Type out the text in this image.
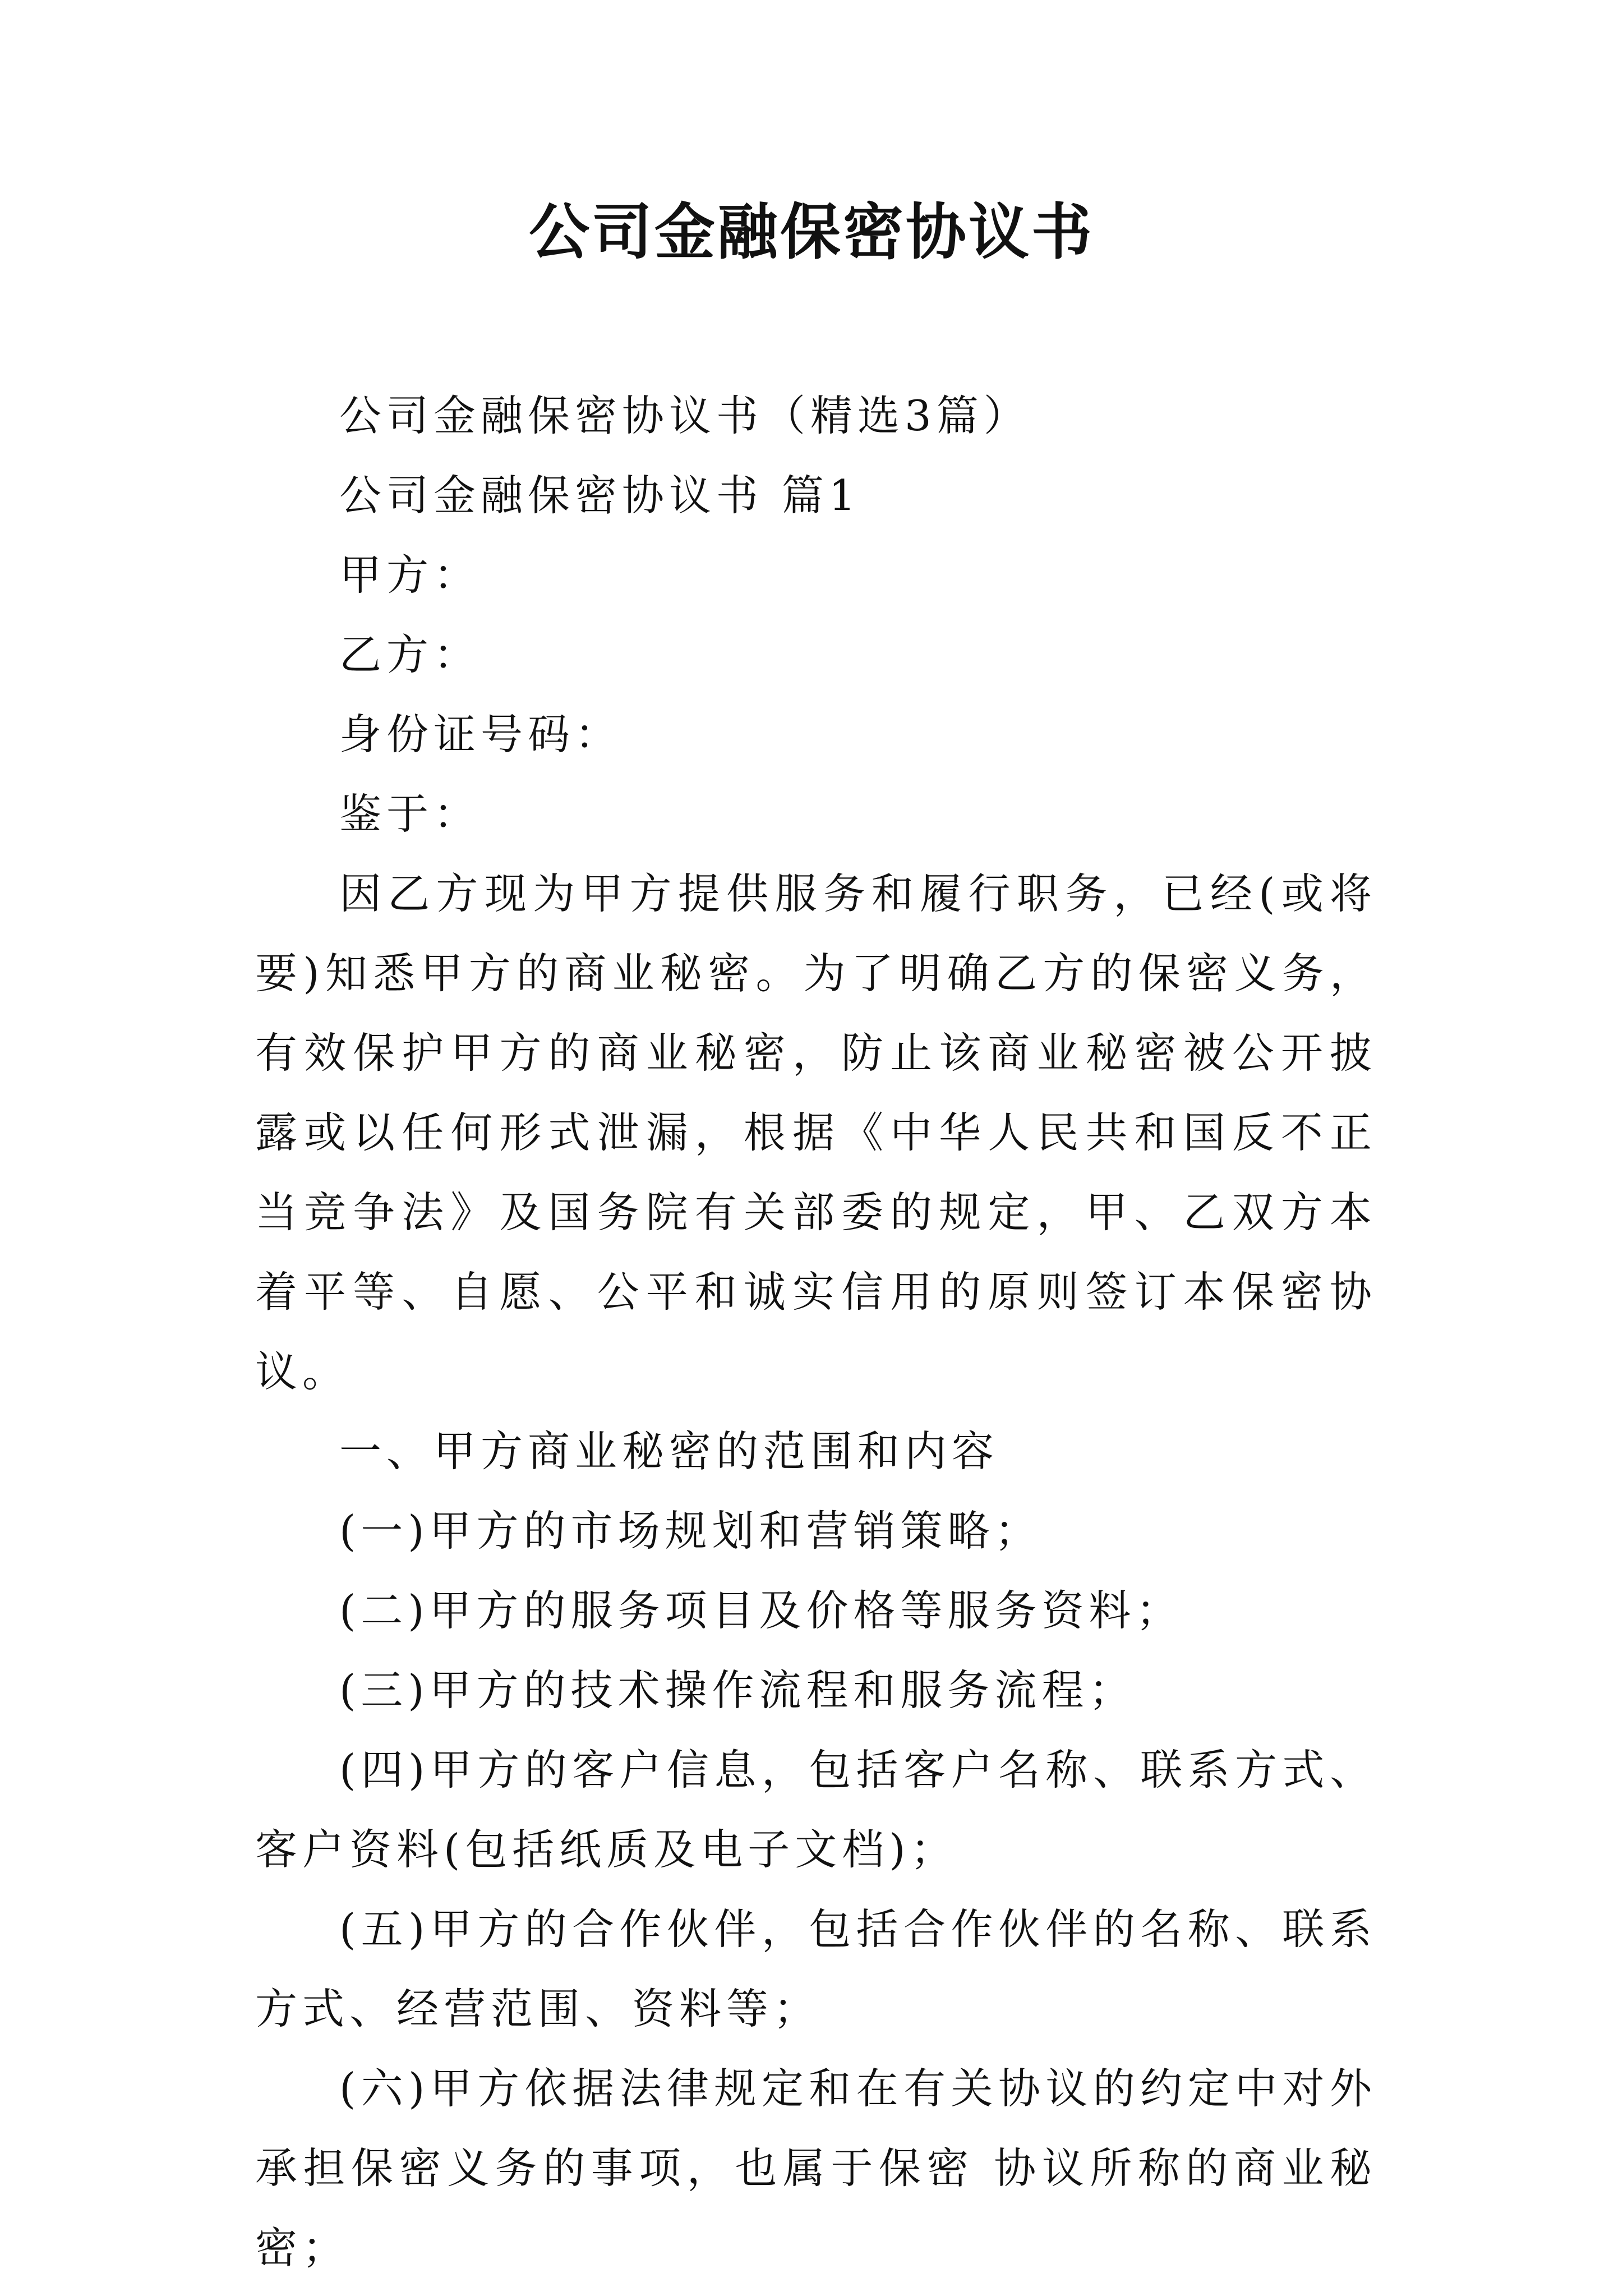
公司金融保密协议书

公司金融保密协议书（精选3篇）

公司金融保密协议书 篇1

甲方：

乙方：

身份证号码：

鉴于：

因乙方现为甲方提供服务和履行职务，已经(或将要)知悉甲方的商业秘密。为了明确乙方的保密义务，有效保护甲方的商业秘密，防止该商业秘密被公开披露或以任何形式泄漏，根据《中华人民共和国反不正当竞争法》及国务院有关部委的规定，甲、乙双方本着平等、自愿、公平和诚实信用的原则签订本保密协议。

一、甲方商业秘密的范围和内容

(一)甲方的市场规划和营销策略；

(二)甲方的服务项目及价格等服务资料；

(三)甲方的技术操作流程和服务流程；

(四)甲方的客户信息，包括客户名称、联系方式、客户资料(包括纸质及电子文档)；

(五)甲方的合作伙伴，包括合作伙伴的名称、联系方式、经营范围、资料等；

(六)甲方依据法律规定和在有关协议的约定中对外承担保密义务的事项，也属于保密 协议所称的商业秘密；
